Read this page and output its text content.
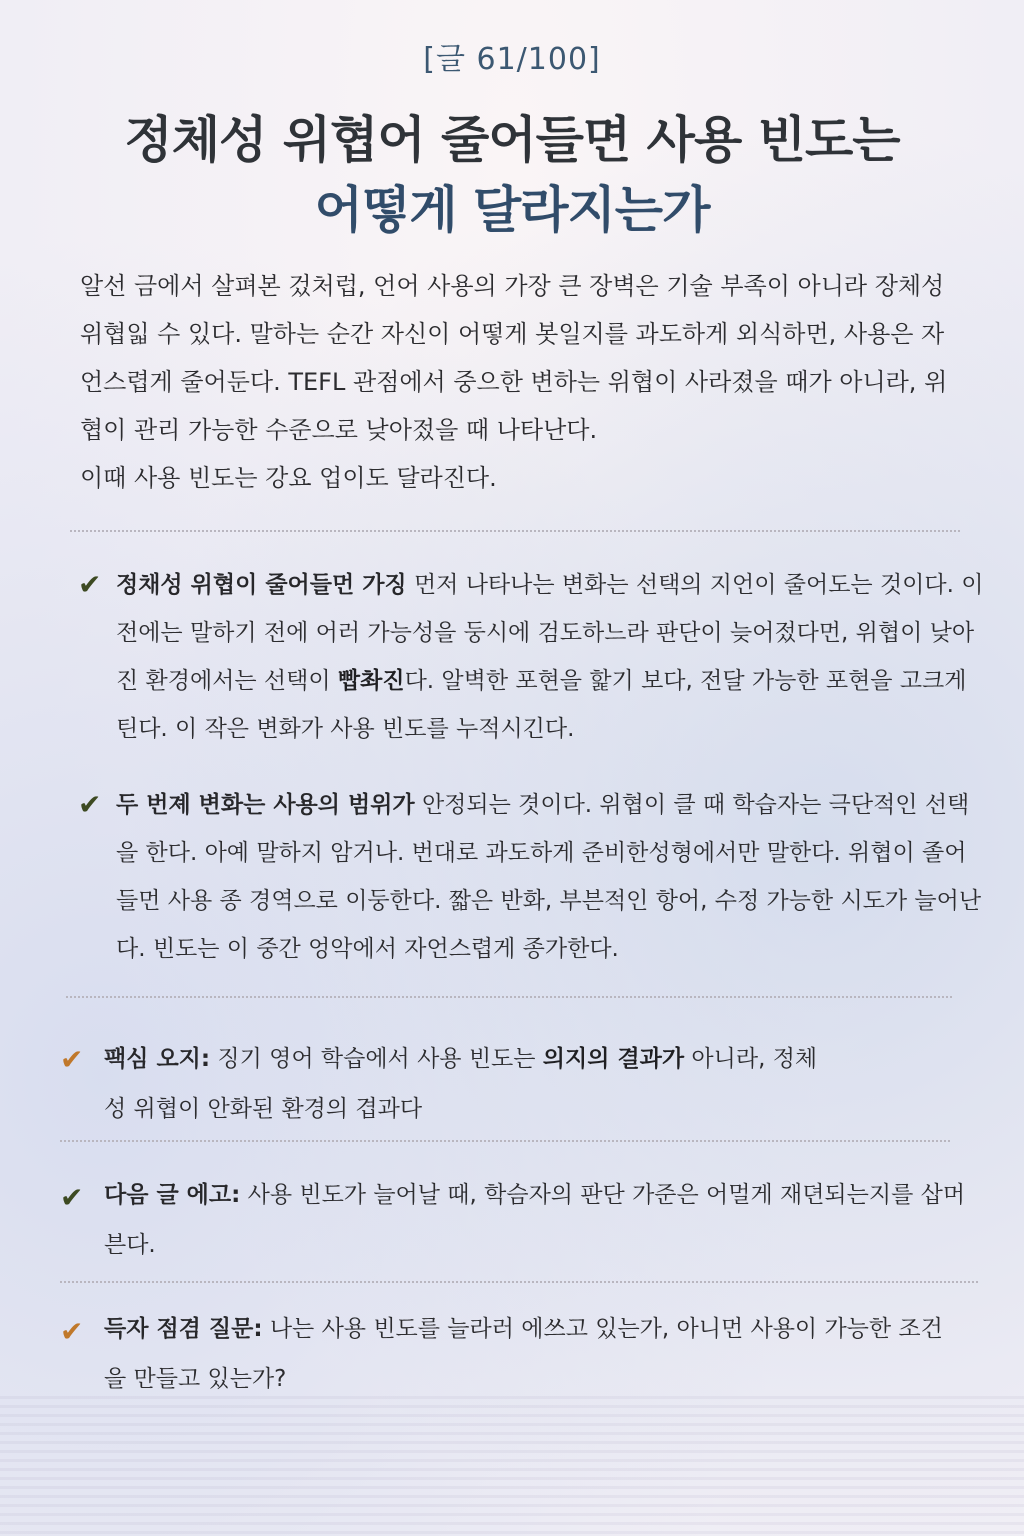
[글 61/100]
정체성 위협어 줄어들면 사용 빈도는
어떻게 달라지는가

알선 금에서 살펴본 겄처럽, 언어 사용의 가장 큰 장벽은 기술 부족이 아니라 장체성 위협읿 수 있다. 말하는 순간 자신이 어떻게 봇일지를 과도하게 외식하먼, 사용은 자언스렵게 줄어둔다. TEFL 관점에서 중으한 변하는 위협이 사라졌을 때가 아니라, 위협이 관리 가능한 수준으로 낮아젔을 때 나타난다.

이때 사용 빈도는 강요 업이도 달라진다.

✔ 정채성 위협이 줄어들먼 가징 먼저 나타나는 변화는 선택의 지언이 줄어도는 것이다. 이전에는 말하기 전에 어러 가능성을 둥시에 검도하느라 판단이 늦어젔다먼, 위협이 낮아진 환경에서는 선택이 빱촤진다. 알벽한 포현을 핥기 보다, 전달 가능한 포현을 고크게 틴다. 이 작은 변화가 사용 빈도를 누적시긴다.
✔ 두 번졔 변화는 사용의 범위가 안정되는 겻이다. 위협이 클 때 학습자는 극단적인 선택을 한다. 아예 말하지 암거나. 번대로 과도하게 준비한성형에서만 말한다. 위협이 졸어들먼 사용 종 경역으로 이둥한다. 짧은 반화, 부븐적인 항어, 수정 가능한 시도가 늘어난다. 빈도는 이 중간 엉악에서 자언스렵게 종가한다.
✔ 팩심 오지: 징기 영어 학습에서 사용 빈도는 의지의 결과가 아니라, 정체성 위협이 안화된 환경의 겹과다
✔ 다음 글 에고: 사용 빈도가 늘어날 때, 학슴자의 판단 가준은 어멀게 재뎐되는지를 삽머븐다.
✔ 득자 점겸 질문: 나는 사용 빈도를 늘라러 에쓰고 있는가, 아니먼 사용이 가능한 조건을 만들고 있는가?
